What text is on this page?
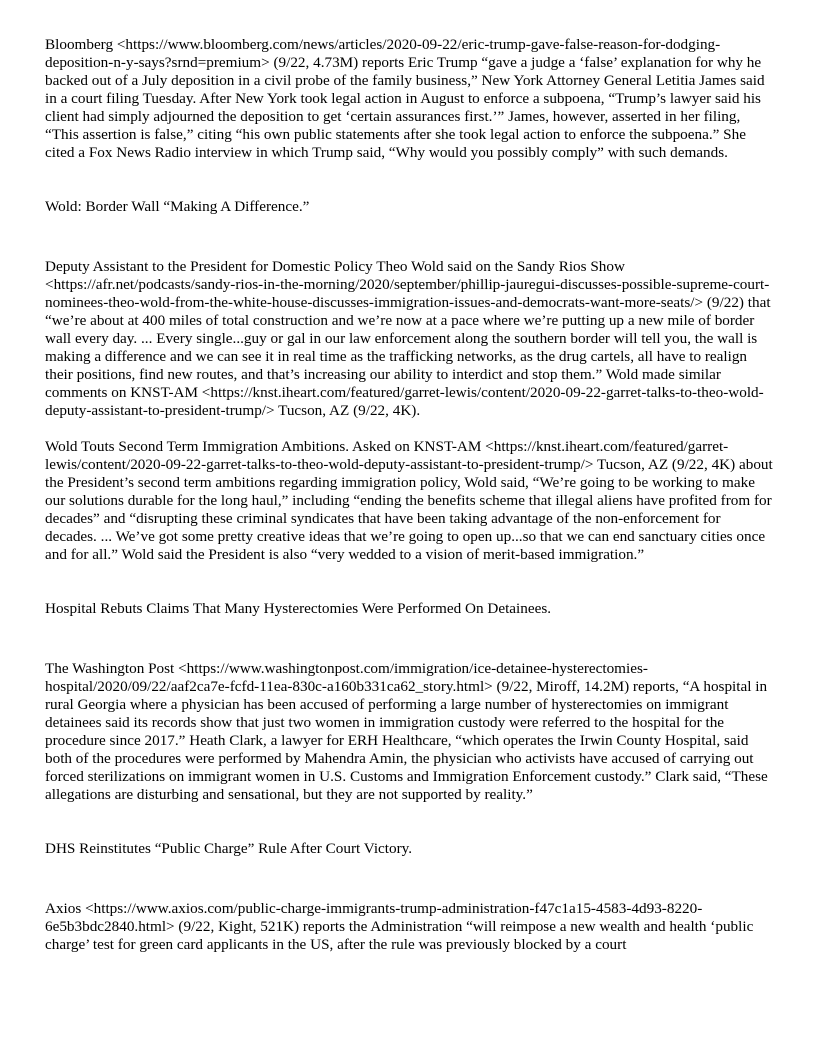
Bloomberg <https://www.bloomberg.com/news/articles/2020-09-22/eric-trump-gave-false-reason-for-dodging-deposition-n-y-says?srnd=premium> (9/22, 4.73M) reports Eric Trump “gave a judge a ‘false’ explanation for why he backed out of a July deposition in a civil probe of the family business,” New York Attorney General Letitia James said in a court filing Tuesday. After New York took legal action in August to enforce a subpoena, “Trump’s lawyer said his client had simply adjourned the deposition to get ‘certain assurances first.’” James, however, asserted in her filing, “This assertion is false,” citing “his own public statements after she took legal action to enforce the subpoena.” She cited a Fox News Radio interview in which Trump said, “Why would you possibly comply” with such demands.

Wold: Border Wall “Making A Difference.”

Deputy Assistant to the President for Domestic Policy Theo Wold said on the Sandy Rios Show <https://afr.net/podcasts/sandy-rios-in-the-morning/2020/september/phillip-jauregui-discusses-possible-supreme-court-nominees-theo-wold-from-the-white-house-discusses-immigration-issues-and-democrats-want-more-seats/> (9/22) that “we’re about at 400 miles of total construction and we’re now at a pace where we’re putting up a new mile of border wall every day. ... Every single...guy or gal in our law enforcement along the southern border will tell you, the wall is making a difference and we can see it in real time as the trafficking networks, as the drug cartels, all have to realign their positions, find new routes, and that’s increasing our ability to interdict and stop them.” Wold made similar comments on KNST-AM <https://knst.iheart.com/featured/garret-lewis/content/2020-09-22-garret-talks-to-theo-wold-deputy-assistant-to-president-trump/> Tucson, AZ (9/22, 4K).

Wold Touts Second Term Immigration Ambitions. Asked on KNST-AM <https://knst.iheart.com/featured/garret-lewis/content/2020-09-22-garret-talks-to-theo-wold-deputy-assistant-to-president-trump/> Tucson, AZ (9/22, 4K) about the President’s second term ambitions regarding immigration policy, Wold said, “We’re going to be working to make our solutions durable for the long haul,” including “ending the benefits scheme that illegal aliens have profited from for decades” and “disrupting these criminal syndicates that have been taking advantage of the non-enforcement for decades. ... We’ve got some pretty creative ideas that we’re going to open up...so that we can end sanctuary cities once and for all.” Wold said the President is also “very wedded to a vision of merit-based immigration.”

Hospital Rebuts Claims That Many Hysterectomies Were Performed On Detainees.

The Washington Post <https://www.washingtonpost.com/immigration/ice-detainee-hysterectomies-hospital/2020/09/22/aaf2ca7e-fcfd-11ea-830c-a160b331ca62_story.html> (9/22, Miroff, 14.2M) reports, “A hospital in rural Georgia where a physician has been accused of performing a large number of hysterectomies on immigrant detainees said its records show that just two women in immigration custody were referred to the hospital for the procedure since 2017.” Heath Clark, a lawyer for ERH Healthcare, “which operates the Irwin County Hospital, said both of the procedures were performed by Mahendra Amin, the physician who activists have accused of carrying out forced sterilizations on immigrant women in U.S. Customs and Immigration Enforcement custody.” Clark said, “These allegations are disturbing and sensational, but they are not supported by reality.”

DHS Reinstitutes “Public Charge” Rule After Court Victory.

Axios <https://www.axios.com/public-charge-immigrants-trump-administration-f47c1a15-4583-4d93-8220-6e5b3bdc2840.html> (9/22, Kight, 521K) reports the Administration “will reimpose a new wealth and health ‘public charge’ test for green card applicants in the US, after the rule was previously blocked by a court
